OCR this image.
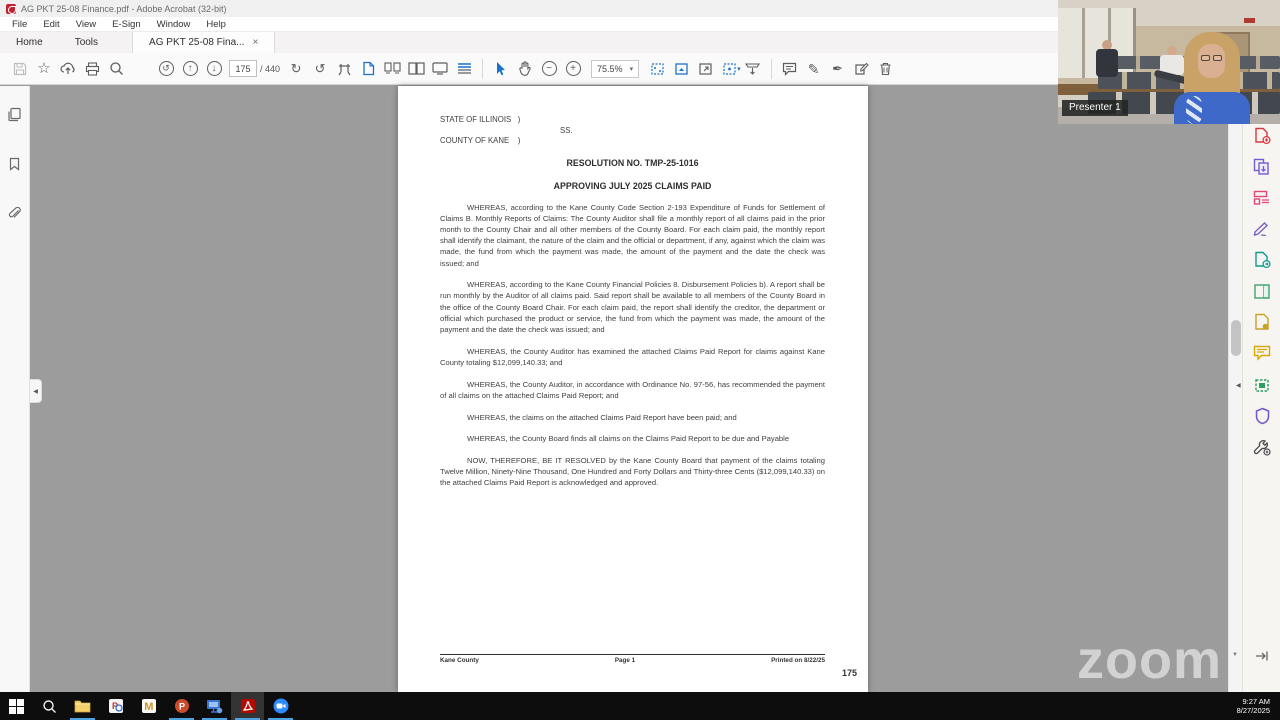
AG PKT 25-08 Finance.pdf - Adobe Acrobat (32-bit)
File	Edit	View	E-Sign	Window	Help
Home	Tools	AG PKT 25-08 Fina... ×
☆	↺	↑	↓	175	/ 440 ↻	↺	−	+	75.5% ▾	▾	✎ ✒
◀
STATE OF ILLINOIS   )
SS.
COUNTY OF KANE    )
RESOLUTION NO. TMP-25-1016
APPROVING JULY 2025 CLAIMS PAID
WHEREAS, according to the Kane County Code Section 2-193 Expenditure of Funds for Settlement of Claims B. Monthly Reports of Claims: The County Auditor shall file a monthly report of all claims paid in the prior month to the County Chair and all other members of the County Board. For each claim paid, the monthly report shall identify the claimant, the nature of the claim and the official or department, if any, against which the claim was made, the fund from which the payment was made, the amount of the payment and the date the check was issued; and
WHEREAS, according to the Kane County Financial Policies 8. Disbursement Policies b). A report shall be run monthly by the Auditor of all claims paid. Said report shall be available to all members of the County Board in the office of the County Board Chair. For each claim paid, the report shall identify the creditor, the department or official which purchased the product or service, the fund from which the payment was made, the amount of the payment and the date the check was issued; and
WHEREAS, the County Auditor has examined the attached Claims Paid Report for claims against Kane County totaling $12,099,140.33; and
WHEREAS, the County Auditor, in accordance with Ordinance No. 97-56, has recommended the payment of all claims on the attached Claims Paid Report; and
WHEREAS, the claims on the attached Claims Paid Report have been paid; and
WHEREAS, the County Board finds all claims on the Claims Paid Report to be due and Payable
NOW, THEREFORE, BE IT RESOLVED by the Kane County Board that payment of the claims totaling Twelve Million, Ninety-Nine Thousand, One Hundred and Forty Dollars and Thirty-three Cents ($12,099,140.33) on the attached Claims Paid Report is acknowledged and approved.
Kane County	Page 1	Printed on 8/22/25
175
▼
◀
Presenter 1
zoom
P M	P	9:27 AM
8/27/2025
